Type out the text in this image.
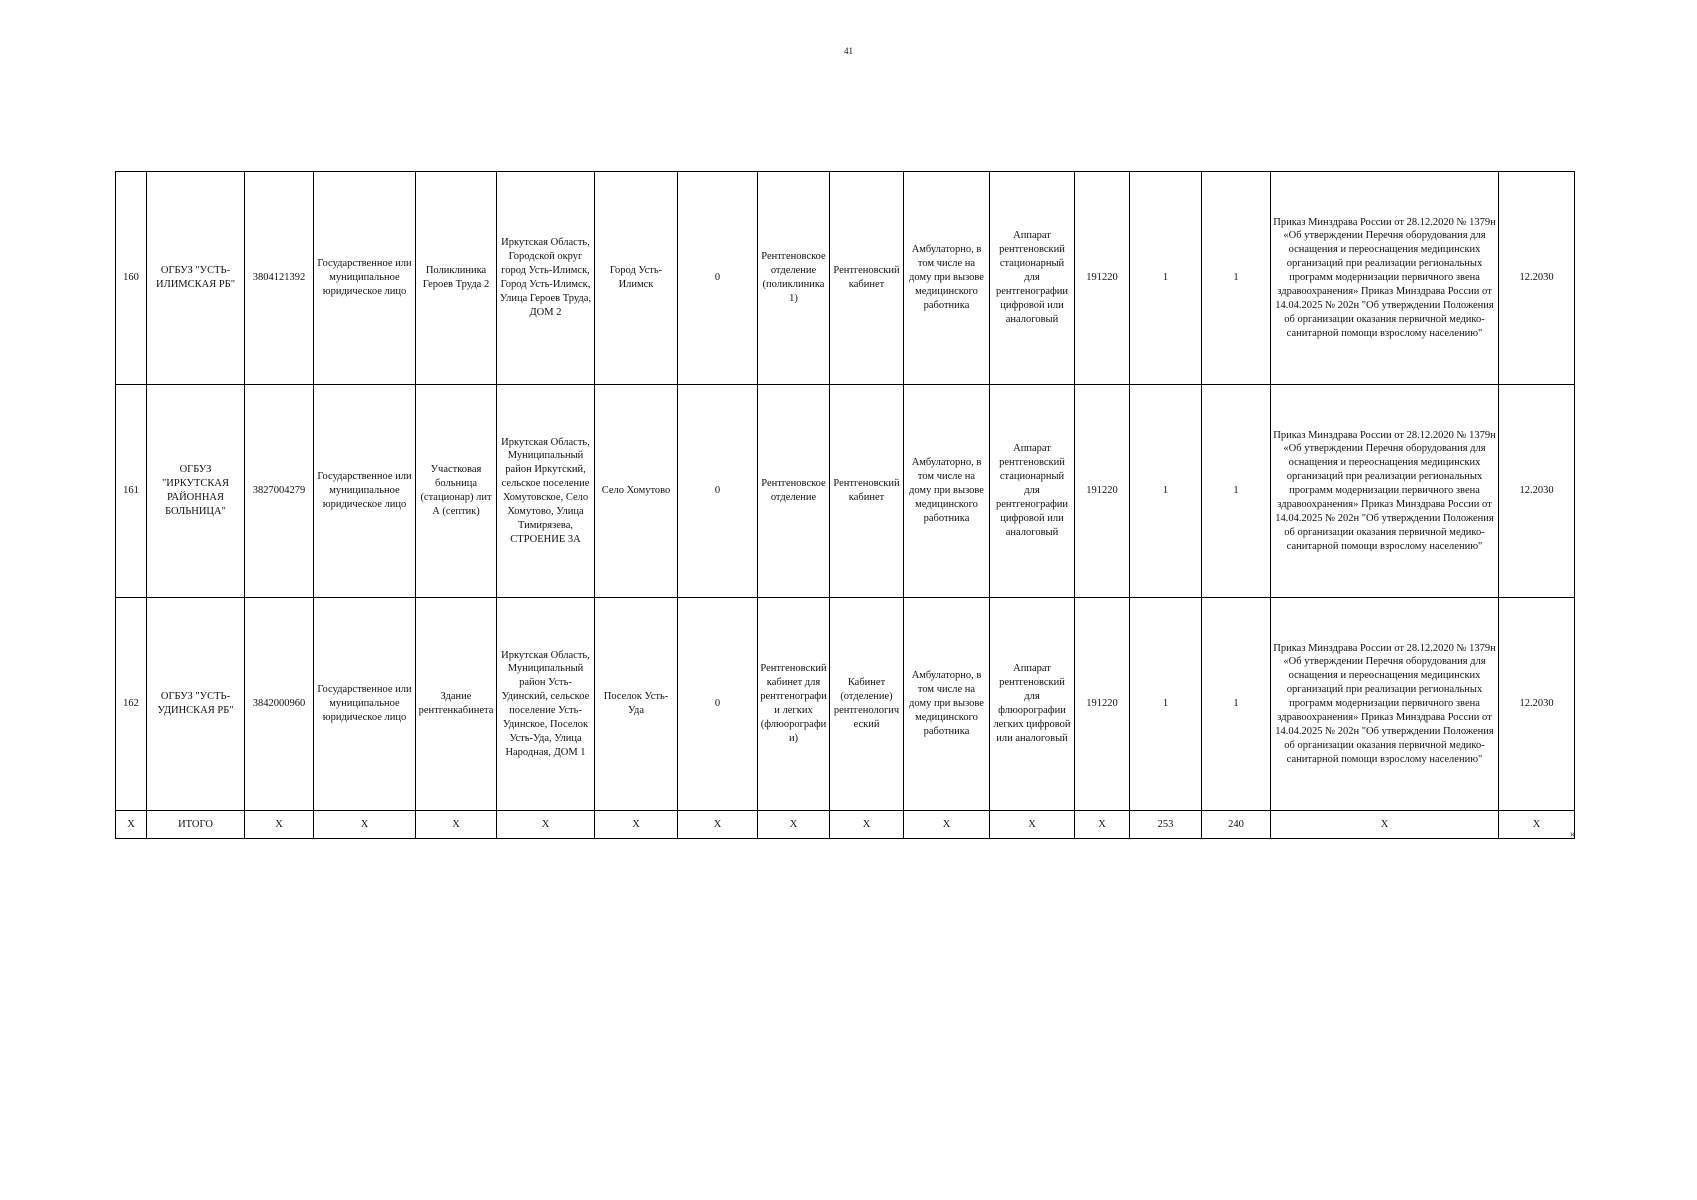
41
160	ОГБУЗ "УСТЬ-ИЛИМСКАЯ РБ"	3804121392	Государственное или муниципальное юридическое лицо	Поликлиника Героев Труда 2	Иркутская Область, Городской округ город Усть-Илимск, Город Усть-Илимск, Улица Героев Труда, ДОМ 2	Город Усть-Илимск	0	Рентгеновское отделение (поликлиника 1)	Рентгеновский кабинет	Амбулаторно, в том числе на дому при вызове медицинского работника	Аппарат рентгеновский стационарный для рентгенографии цифровой или аналоговый	191220	1	1	Приказ Минздрава России от 28.12.2020 № 1379н «Об утверждении Перечня оборудования для оснащения и переоснащения медицинских организаций при реализации региональных программ модернизации первичного звена здравоохранения» Приказ Минздрава России от 14.04.2025 № 202н "Об утверждении Положения об организации оказания первичной медико-санитарной помощи взрослому населению"	12.2030
161	ОГБУЗ "ИРКУТСКАЯ РАЙОННАЯ БОЛЬНИЦА"	3827004279	Государственное или муниципальное юридическое лицо	Участковая больница (стационар) лит А (септик)	Иркутская Область, Муниципальный район Иркутский, сельское поселение Хомутовское, Село Хомутово, Улица Тимирязева, СТРОЕНИЕ 3А	Село Хомутово	0	Рентгеновское отделение	Рентгеновский кабинет	Амбулаторно, в том числе на дому при вызове медицинского работника	Аппарат рентгеновский стационарный для рентгенографии цифровой или аналоговый	191220	1	1	Приказ Минздрава России от 28.12.2020 № 1379н «Об утверждении Перечня оборудования для оснащения и переоснащения медицинских организаций при реализации региональных программ модернизации первичного звена здравоохранения» Приказ Минздрава России от 14.04.2025 № 202н "Об утверждении Положения об организации оказания первичной медико-санитарной помощи взрослому населению"	12.2030
162	ОГБУЗ "УСТЬ-УДИНСКАЯ РБ"	3842000960	Государственное или муниципальное юридическое лицо	Здание рентгенкабинета	Иркутская Область, Муниципальный район Усть-Удинский, сельское поселение Усть-Удинское, Поселок Усть-Уда, Улица Народная, ДОМ 1	Поселок Усть-Уда	0	Рентгеновский кабинет для рентгенографии легких (флюорографии)	Кабинет (отделение) рентгенологический	Амбулаторно, в том числе на дому при вызове медицинского работника	Аппарат рентгеновский для флюорографии легких цифровой или аналоговый	191220	1	1	Приказ Минздрава России от 28.12.2020 № 1379н «Об утверждении Перечня оборудования для оснащения и переоснащения медицинских организаций при реализации региональных программ модернизации первичного звена здравоохранения» Приказ Минздрава России от 14.04.2025 № 202н "Об утверждении Положения об организации оказания первичной медико-санитарной помощи взрослому населению"	12.2030
Х	ИТОГО	Х	Х	Х	Х	Х	Х	Х	Х	Х	Х	Х	253	240	Х	Х
»
